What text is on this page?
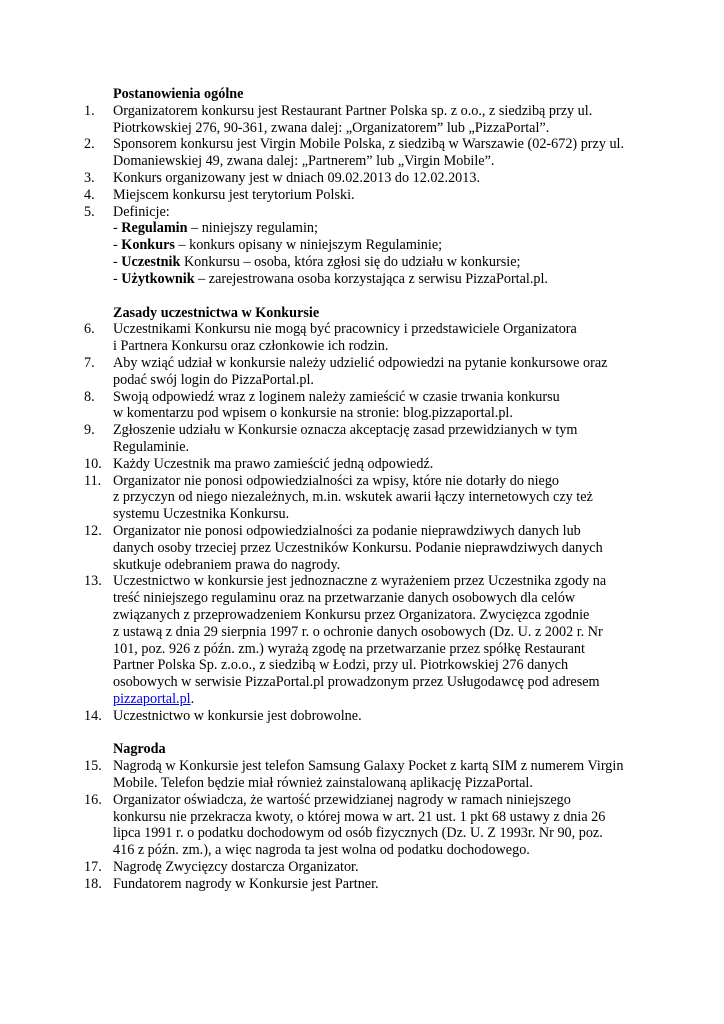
Postanowienia ogólne
1.	Organizatorem konkursu jest Restaurant Partner Polska sp. z o.o., z siedzibą przy ul.
Piotrkowskiej 276, 90-361, zwana dalej: „Organizatorem” lub „PizzaPortal”.
2.	Sponsorem konkursu jest Virgin Mobile Polska, z siedzibą w Warszawie (02-672) przy ul.
Domaniewskiej 49, zwana dalej: „Partnerem” lub „Virgin Mobile”.
3.	Konkurs organizowany jest w dniach 09.02.2013 do 12.02.2013.
4.	Miejscem konkursu jest terytorium Polski.
5.	Definicje:
- Regulamin – niniejszy regulamin;
- Konkurs – konkurs opisany w niniejszym Regulaminie;
- Uczestnik Konkursu – osoba, która zgłosi się do udziału w konkursie;
- Użytkownik – zarejestrowana osoba korzystająca z serwisu PizzaPortal.pl.
Zasady uczestnictwa w Konkursie
6.	Uczestnikami Konkursu nie mogą być pracownicy i przedstawiciele Organizatora
i Partnera Konkursu oraz członkowie ich rodzin.
7.	Aby wziąć udział w konkursie należy udzielić odpowiedzi na pytanie konkursowe oraz
podać swój login do PizzaPortal.pl.
8.	Swoją odpowiedź wraz z loginem należy zamieścić w czasie trwania konkursu
w komentarzu pod wpisem o konkursie na stronie: blog.pizzaportal.pl.
9.	Zgłoszenie udziału w Konkursie oznacza akceptację zasad przewidzianych w tym
Regulaminie.
10. Każdy Uczestnik ma prawo zamieścić jedną odpowiedź.
11. Organizator nie ponosi odpowiedzialności za wpisy, które nie dotarły do niego
z przyczyn od niego niezależnych, m.in. wskutek awarii łączy internetowych czy też
systemu Uczestnika Konkursu.
12. Organizator nie ponosi odpowiedzialności za podanie nieprawdziwych danych lub
danych osoby trzeciej przez Uczestników Konkursu. Podanie nieprawdziwych danych
skutkuje odebraniem prawa do nagrody.
13. Uczestnictwo w konkursie jest jednoznaczne z wyrażeniem przez Uczestnika zgody na
treść niniejszego regulaminu oraz na przetwarzanie danych osobowych dla celów
związanych z przeprowadzeniem Konkursu przez Organizatora. Zwycięzca zgodnie
z ustawą z dnia 29 sierpnia 1997 r. o ochronie danych osobowych (Dz. U. z 2002 r. Nr
101, poz. 926 z późn. zm.) wyrażą zgodę na przetwarzanie przez spółkę Restaurant
Partner Polska Sp. z.o.o., z siedzibą w Łodzi, przy ul. Piotrkowskiej 276 danych
osobowych w serwisie PizzaPortal.pl prowadzonym przez Usługodawcę pod adresem
pizzaportal.pl.
14. Uczestnictwo w konkursie jest dobrowolne.
Nagroda
15. Nagrodą w Konkursie jest telefon Samsung Galaxy Pocket z kartą SIM z numerem Virgin
Mobile. Telefon będzie miał również zainstalowaną aplikację PizzaPortal.
16. Organizator oświadcza, że wartość przewidzianej nagrody w ramach niniejszego
konkursu nie przekracza kwoty, o której mowa w art. 21 ust. 1 pkt 68 ustawy z dnia 26
lipca 1991 r. o podatku dochodowym od osób fizycznych (Dz. U. Z 1993r. Nr 90, poz.
416 z późn. zm.), a więc nagroda ta jest wolna od podatku dochodowego.
17. Nagrodę Zwycięzcy dostarcza Organizator.
18. Fundatorem nagrody w Konkursie jest Partner.
